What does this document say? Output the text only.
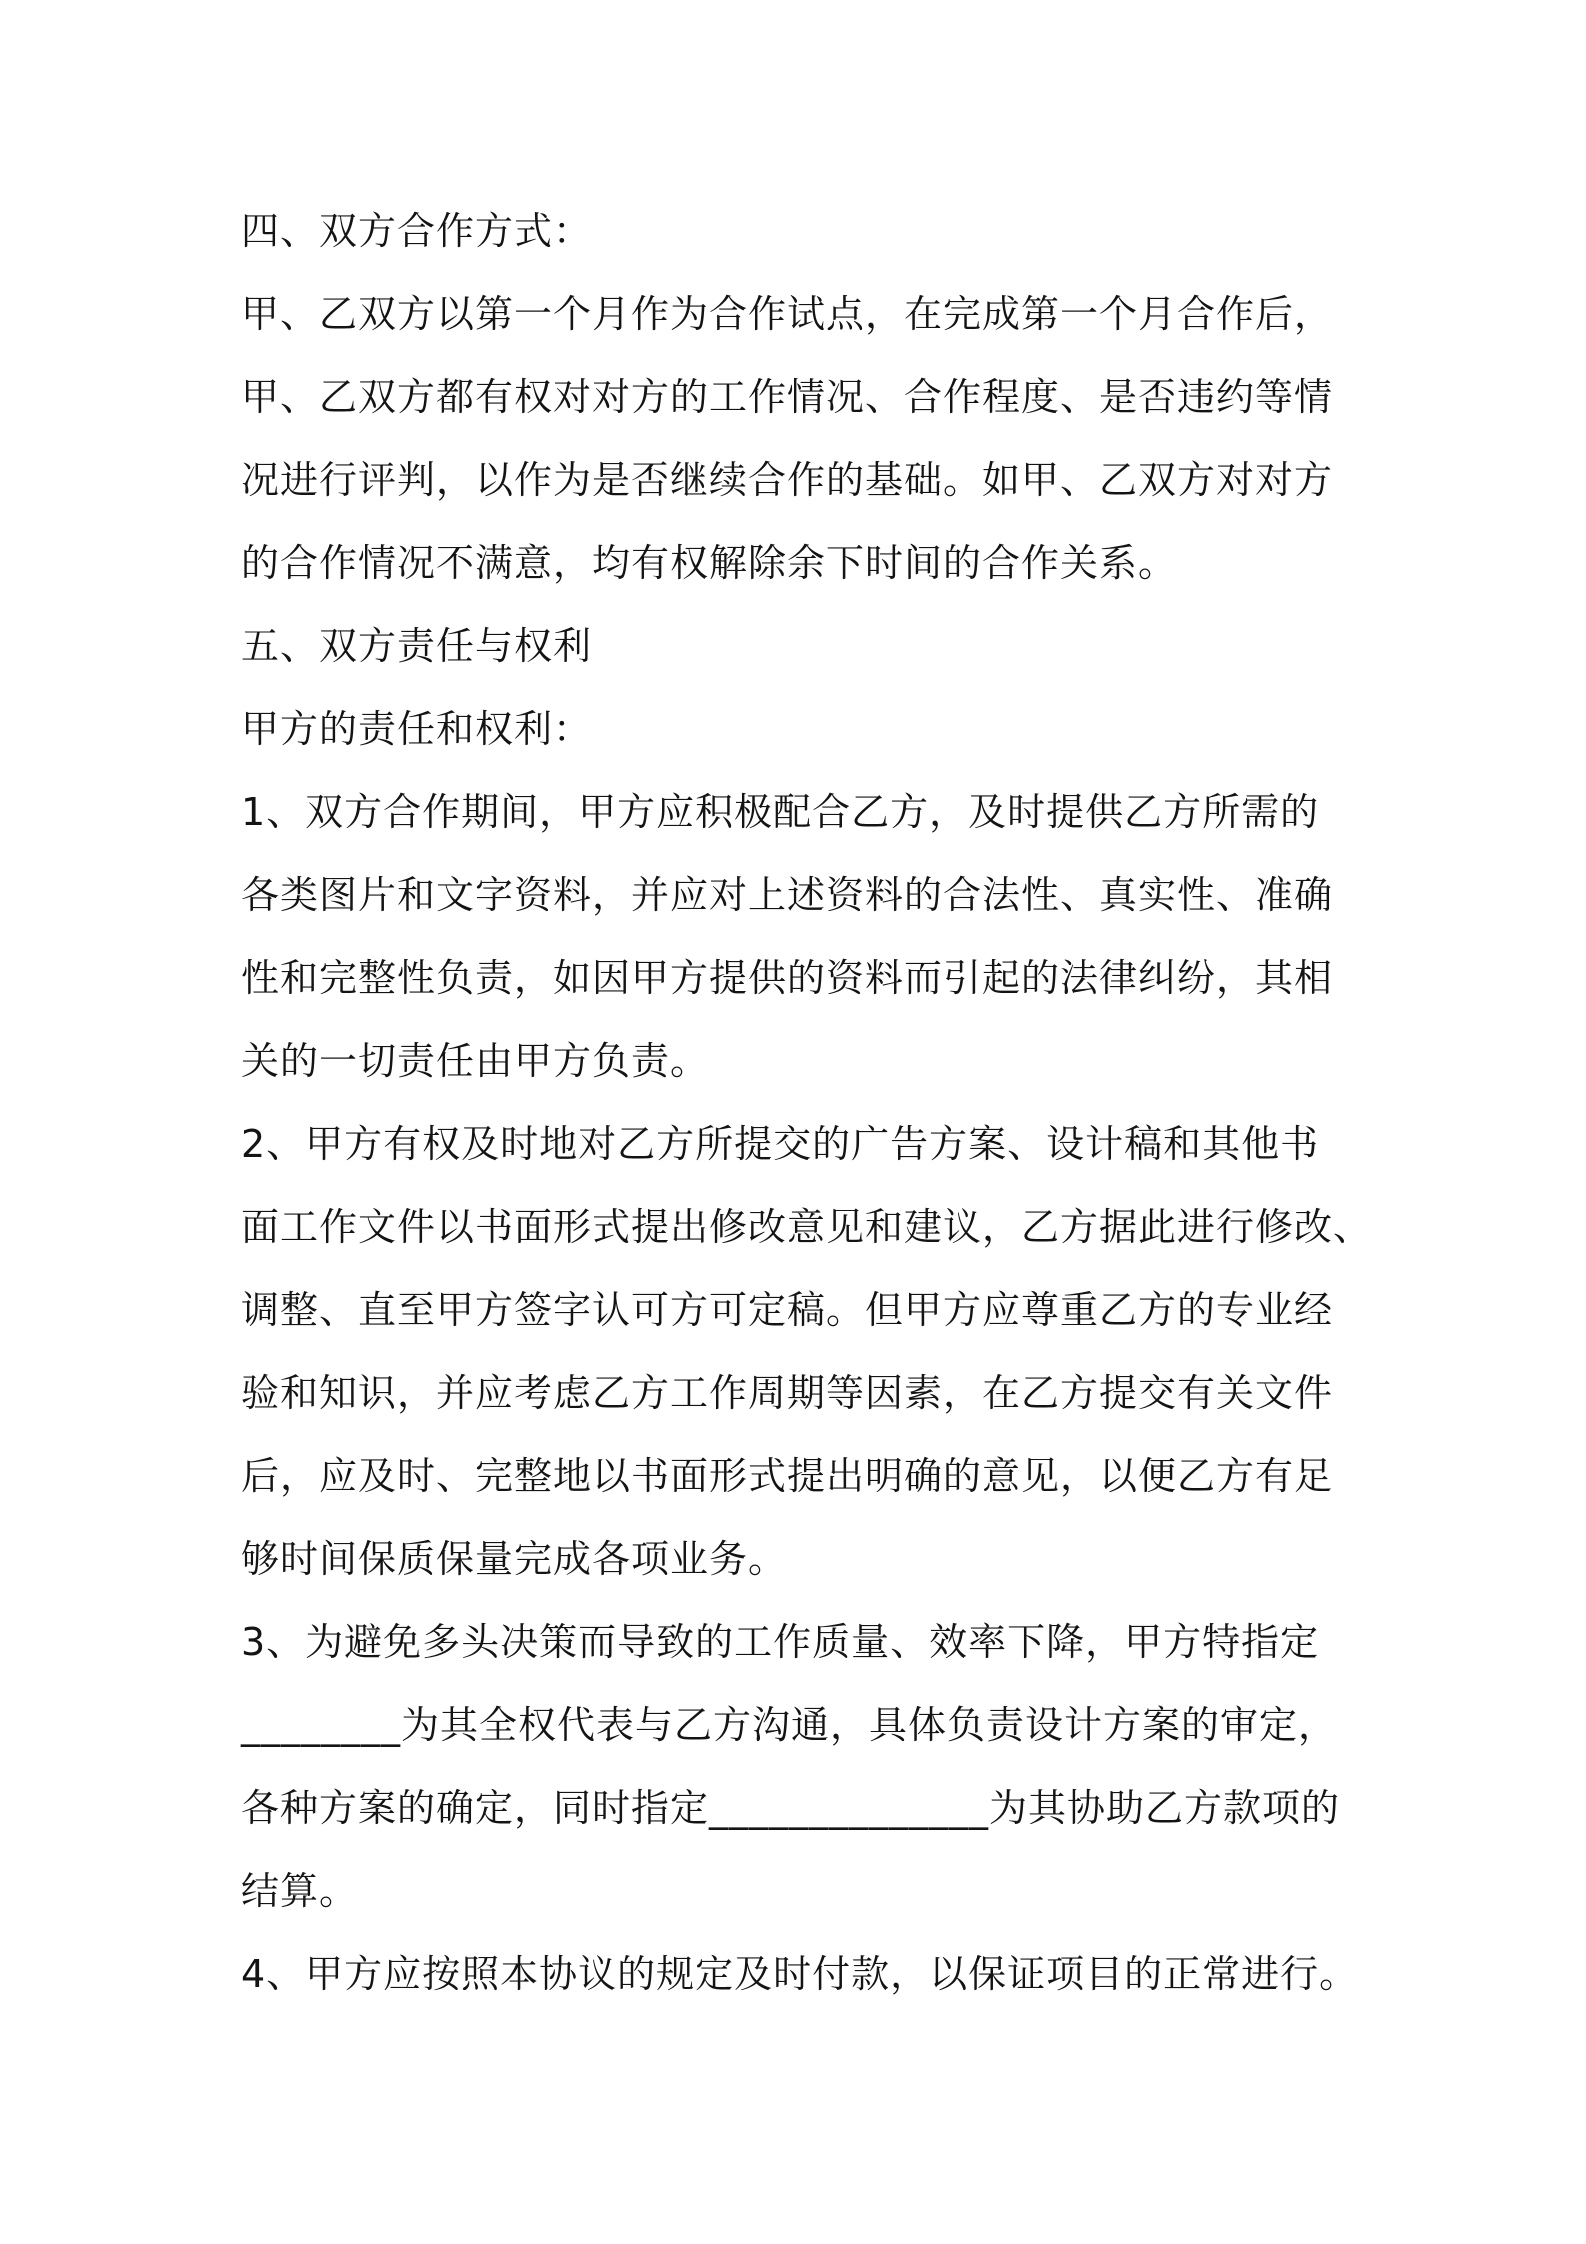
四、双方合作方式：
甲、乙双方以第一个月作为合作试点，在完成第一个月合作后，
甲、乙双方都有权对对方的工作情况、合作程度、是否违约等情
况进行评判，以作为是否继续合作的基础。如甲、乙双方对对方
的合作情况不满意，均有权解除余下时间的合作关系。
五、双方责任与权利
甲方的责任和权利：
1、双方合作期间，甲方应积极配合乙方，及时提供乙方所需的
各类图片和文字资料，并应对上述资料的合法性、真实性、准确
性和完整性负责，如因甲方提供的资料而引起的法律纠纷，其相
关的一切责任由甲方负责。
2、甲方有权及时地对乙方所提交的广告方案、设计稿和其他书
面工作文件以书面形式提出修改意见和建议，乙方据此进行修改、
调整、直至甲方签字认可方可定稿。但甲方应尊重乙方的专业经
验和知识，并应考虑乙方工作周期等因素，在乙方提交有关文件
后，应及时、完整地以书面形式提出明确的意见，以便乙方有足
够时间保质保量完成各项业务。
3、为避免多头决策而导致的工作质量、效率下降，甲方特指定
________为其全权代表与乙方沟通，具体负责设计方案的审定，
各种方案的确定，同时指定______________为其协助乙方款项的
结算。
4、甲方应按照本协议的规定及时付款，以保证项目的正常进行。
